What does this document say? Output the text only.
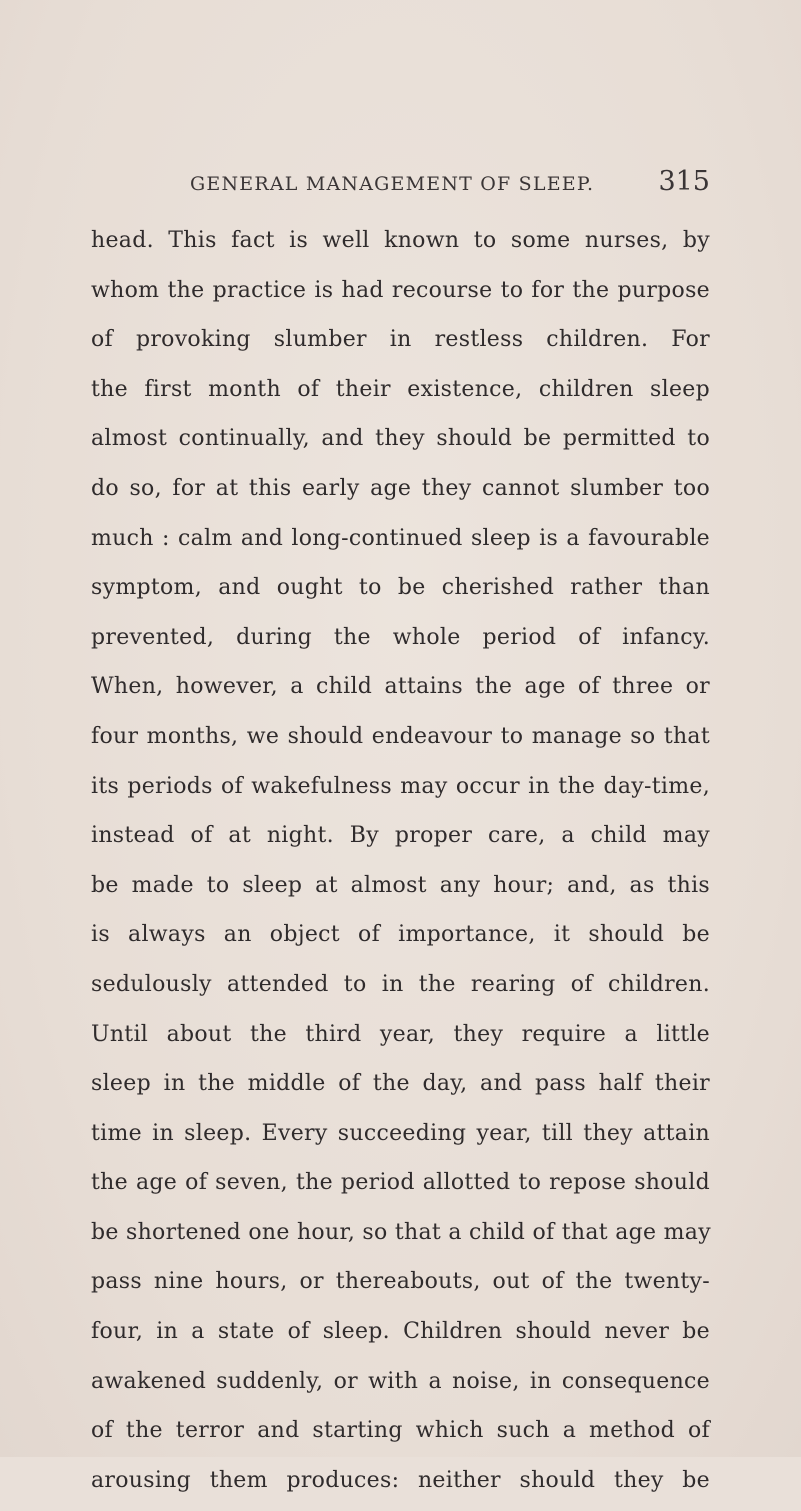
GENERAL MANAGEMENT OF SLEEP. 315
head. This fact is well known to some nurses, by
whom the practice is had recourse to for the purpose
of provoking slumber in restless children. For
the first month of their existence, children sleep
almost continually, and they should be permitted to
do so, for at this early age they cannot slumber too
much : calm and long-continued sleep is a favourable
symptom, and ought to be cherished rather than
prevented, during the whole period of infancy.
When, however, a child attains the age of three or
four months, we should endeavour to manage so that
its periods of wakefulness may occur in the day-time,
instead of at night. By proper care, a child may
be made to sleep at almost any hour; and, as this
is always an object of importance, it should be
sedulously attended to in the rearing of children.
Until about the third year, they require a little
sleep in the middle of the day, and pass half their
time in sleep. Every succeeding year, till they attain
the age of seven, the period allotted to repose should
be shortened one hour, so that a child of that age may
pass nine hours, or thereabouts, out of the twenty-
four, in a state of sleep. Children should never be
awakened suddenly, or with a noise, in consequence
of the terror and starting which such a method of
arousing them produces: neither should they be
